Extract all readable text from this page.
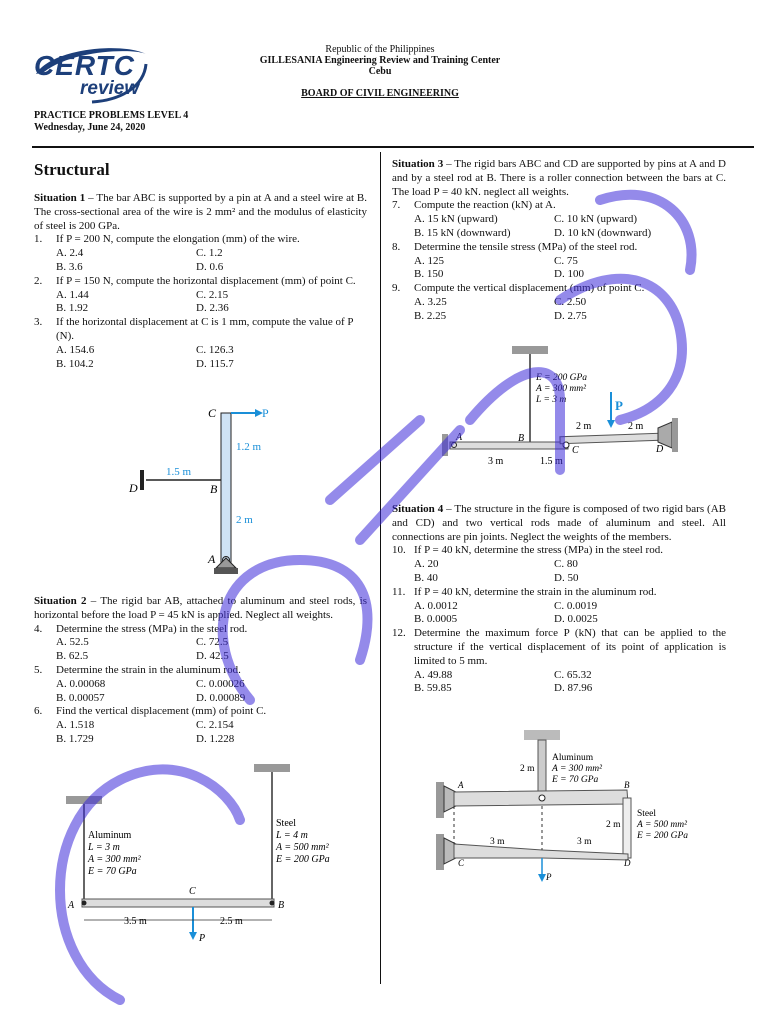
CERTC
review
Republic of the Philippines
GILLESANIA Engineering Review and Training Center
Cebu
BOARD OF CIVIL ENGINEERING
PRACTICE PROBLEMS LEVEL 4
Wednesday, June 24, 2020
Structural
Situation 1 – The bar ABC is supported by a pin at A and a steel wire at B. The cross-sectional area of the wire is 2 mm² and the modulus of elasticity of steel is 200 GPa.
1. If P = 200 N, compute the elongation (mm) of the wire.
A. 2.4	C. 1.2
B. 3.6	D. 0.6
2. If P = 150 N, compute the horizontal displacement (mm) of point C.
A. 1.44	C. 2.15
B. 1.92	D. 2.36
3. If the horizontal displacement at C is 1 mm, compute the value of P (N).
A. 154.6	C. 126.3
B. 104.2	D. 115.7
C	P
D	B
1.5 m
1.2 m
2 m
A
Situation 2 – The rigid bar AB, attached to aluminum and steel rods, is horizontal before the load P = 45 kN is applied. Neglect all weights.
4. Determine the stress (MPa) in the steel rod.
A. 52.5	C. 72.5
B. 62.5	D. 42.5
5. Determine the strain in the aluminum rod.
A. 0.00068	C. 0.00026
B. 0.00057	D. 0.00089
6. Find the vertical displacement (mm) of point C.
A. 1.518	C. 2.154
B. 1.729	D. 1.228
Aluminum
L = 3 m
A = 300 mm²
E = 70 GPa
Steel
L = 4 m
A = 500 mm²
E = 200 GPa
A	B
C
P
3.5 m	2.5 m
Situation 3 – The rigid bars ABC and CD are supported by pins at A and D and by a steel rod at B. There is a roller connection between the bars at C. The load P = 40 kN. neglect all weights.
7. Compute the reaction (kN) at A.
A. 15 kN (upward)	C. 10 kN (upward)
B. 15 kN (downward)	D. 10 kN (downward)
8. Determine the tensile stress (MPa) of the steel rod.
A. 125	C. 75
B. 150	D. 100
9. Compute the vertical displacement (mm) of point C.
A. 3.25	C. 2.50
B. 2.25	D. 2.75
E = 200 GPa
A = 300 mm²
L = 3 m
A	B
C	D
P
2 m	2 m
3 m	1.5 m
Situation 4 – The structure in the figure is composed of two rigid bars (AB and CD) and two vertical rods made of aluminum and steel. All connections are pin joints. Neglect the weights of the members.
10. If P = 40 kN, determine the stress (MPa) in the steel rod.
A. 20	C. 80
B. 40	D. 50
11. If P = 40 kN, determine the strain in the aluminum rod.
A. 0.0012	C. 0.0019
B. 0.0005	D. 0.0025
12. Determine the maximum force P (kN) that can be applied to the structure if the vertical displacement of its point of application is limited to 5 mm.
A. 49.88	C. 65.32
B. 59.85	D. 87.96
Aluminum
A = 300 mm²
E = 70 GPa
2 m
A	B
Steel
A = 500 mm²
E = 200 GPa
2 m
C	D
3 m	3 m
P
